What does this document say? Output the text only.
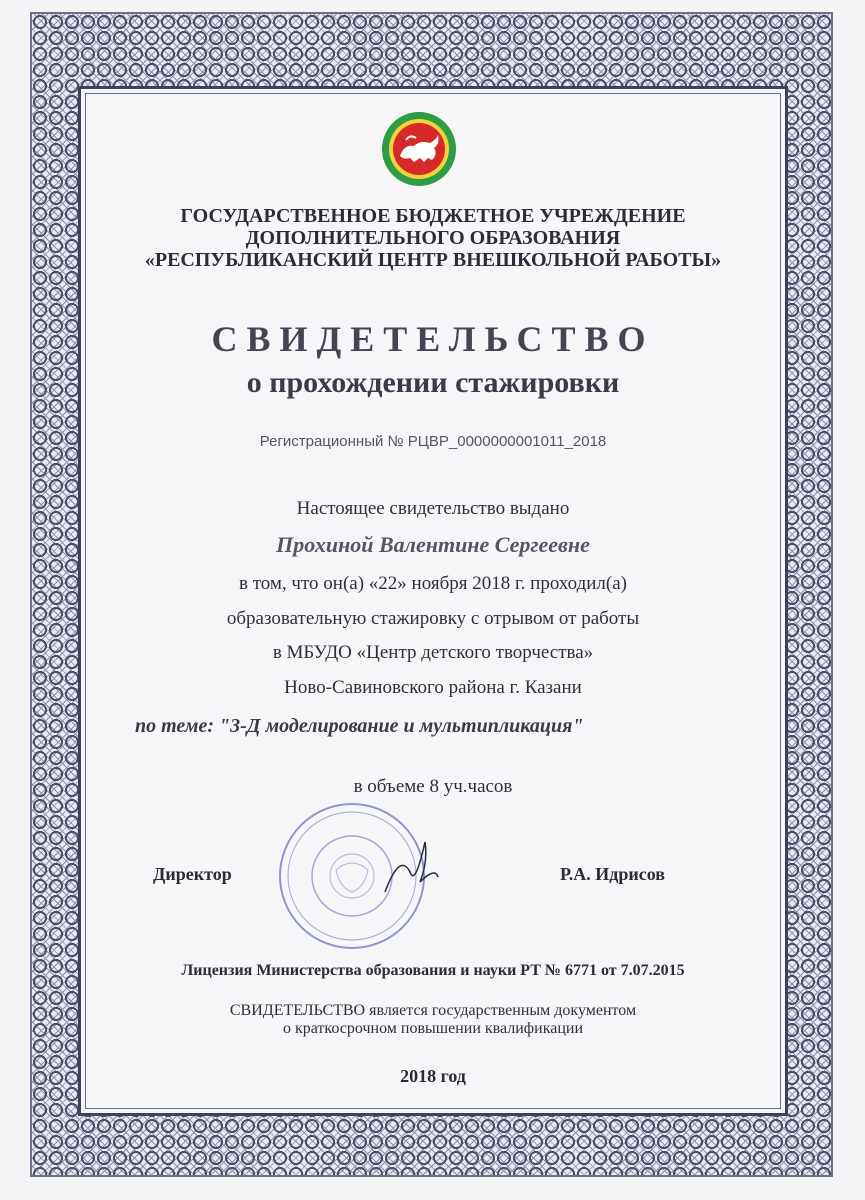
ГОСУДАРСТВЕННОЕ БЮДЖЕТНОЕ УЧРЕЖДЕНИЕ
ДОПОЛНИТЕЛЬНОГО ОБРАЗОВАНИЯ
«РЕСПУБЛИКАНСКИЙ ЦЕНТР ВНЕШКОЛЬНОЙ РАБОТЫ»
СВИДЕТЕЛЬСТВО
о прохождении стажировки
Регистрационный № РЦВР_0000000001011_2018
Настоящее свидетельство выдано
Прохиной Валентине Сергеевне
в том, что он(а) «22» ноября 2018 г. проходил(а)
образовательную стажировку с отрывом от работы
в МБУДО «Центр детского творчества»
Ново-Савиновского района г. Казани
по теме: "3-Д моделирование и мультипликация"
в объеме 8 уч.часов
Директор	Р.А. Идрисов
Лицензия Министерства образования и науки РТ № 6771 от 7.07.2015
СВИДЕТЕЛЬСТВО является государственным документом
о краткосрочном повышении квалификации
2018 год
